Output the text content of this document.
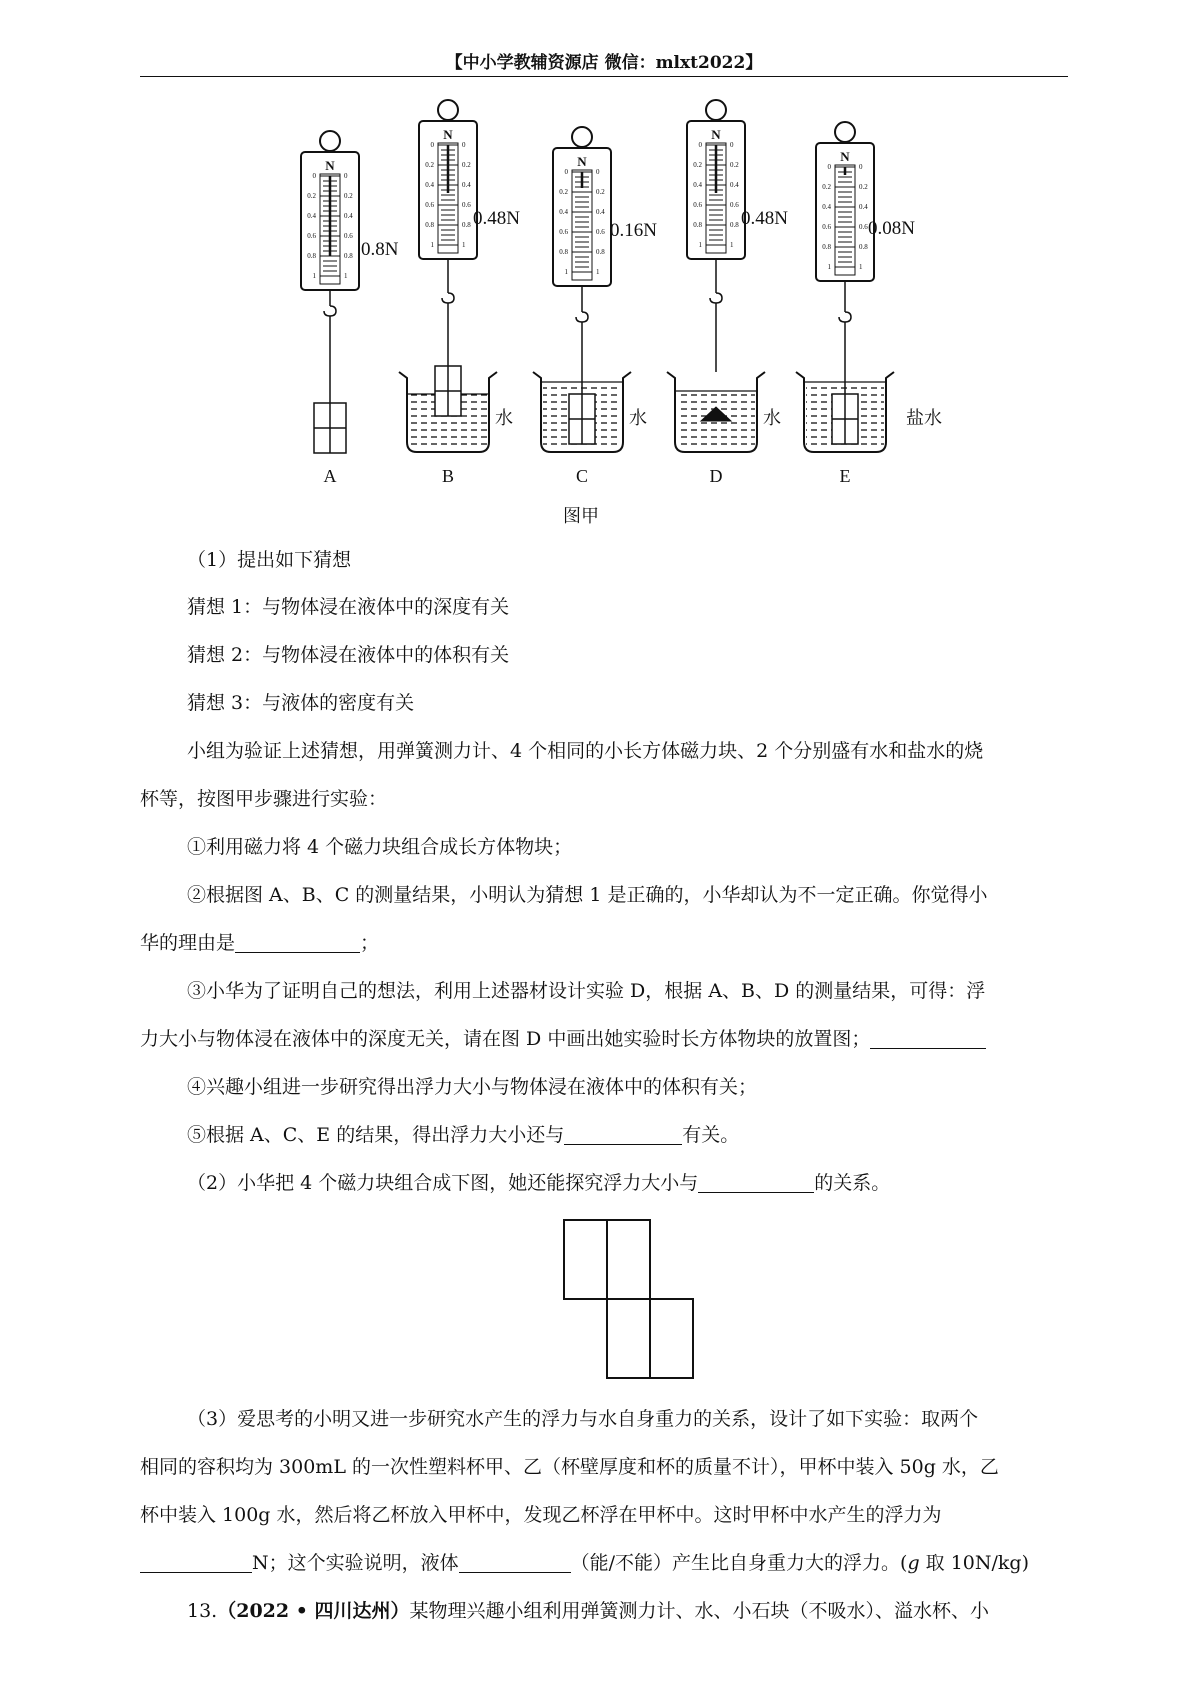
【中小学教辅资源店 微信：mlxt2022】
N
0
0.2
0.4
0.6
0.8
1
0
0.2
0.4
0.6
0.8
1
0.8N
A
N
0
0.2
0.4
0.6
0.8
1
0
0.2
0.4
0.6
0.8
1
0.48N
水
B
N
0
0.2
0.4
0.6
0.8
1
0
0.2
0.4
0.6
0.8
1
0.16N
水
C
N
0
0.2
0.4
0.6
0.8
1
0
0.2
0.4
0.6
0.8
1
0.48N
水
D
N
0
0.2
0.4
0.6
0.8
1
0
0.2
0.4
0.6
0.8
1
0.08N
盐水
E
图甲
（1）提出如下猜想
猜想 1：与物体浸在液体中的深度有关
猜想 2：与物体浸在液体中的体积有关
猜想 3：与液体的密度有关
小组为验证上述猜想，用弹簧测力计、4 个相同的小长方体磁力块、2 个分别盛有水和盐水的烧
杯等，按图甲步骤进行实验：
①利用磁力将 4 个磁力块组合成长方体物块；
②根据图 A、B、C 的测量结果，小明认为猜想 1 是正确的，小华却认为不一定正确。你觉得小
华的理由是	；
③小华为了证明自己的想法，利用上述器材设计实验 D，根据 A、B、D 的测量结果，可得：浮
力大小与物体浸在液体中的深度无关，请在图 D 中画出她实验时长方体物块的放置图；
④兴趣小组进一步研究得出浮力大小与物体浸在液体中的体积有关；
⑤根据 A、C、E 的结果，得出浮力大小还与	有关。
（2）小华把 4 个磁力块组合成下图，她还能探究浮力大小与	的关系。
（3）爱思考的小明又进一步研究水产生的浮力与水自身重力的关系，设计了如下实验：取两个
相同的容积均为 300mL 的一次性塑料杯甲、乙（杯壁厚度和杯的质量不计），甲杯中装入 50g 水，乙
杯中装入 100g 水，然后将乙杯放入甲杯中，发现乙杯浮在甲杯中。这时甲杯中水产生的浮力为
N；这个实验说明，液体	（能/不能）产生比自身重力大的浮力。(g 取 10N/kg)
13.（2022 • 四川达州）某物理兴趣小组利用弹簧测力计、水、小石块（不吸水）、溢水杯、小
